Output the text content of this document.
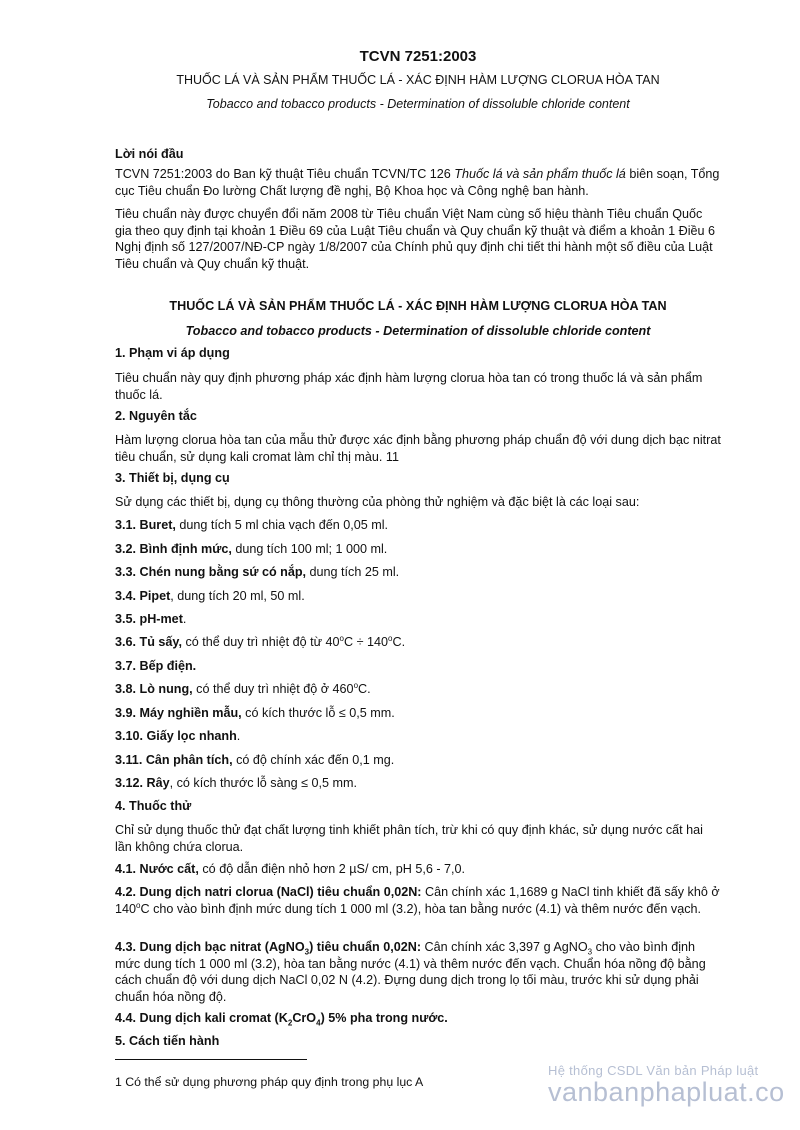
TCVN 7251:2003
THUỐC LÁ VÀ SẢN PHẨM THUỐC LÁ - XÁC ĐỊNH HÀM LƯỢNG CLORUA HÒA TAN
Tobacco and tobacco products - Determination of dissoluble chloride content

Lời nói đầu

TCVN 7251:2003 do Ban kỹ thuật Tiêu chuẩn TCVN/TC 126 Thuốc lá và sản phẩm thuốc lá biên soạn, Tổng cục Tiêu chuẩn Đo lường Chất lượng đề nghị, Bộ Khoa học và Công nghệ ban hành.

Tiêu chuẩn này được chuyển đổi năm 2008 từ Tiêu chuẩn Việt Nam cùng số hiệu thành Tiêu chuẩn Quốc gia theo quy định tại khoản 1 Điều 69 của Luật Tiêu chuẩn và Quy chuẩn kỹ thuật và điểm a khoản 1 Điều 6 Nghị định số 127/2007/NĐ-CP ngày 1/8/2007 của Chính phủ quy định chi tiết thi hành một số điều của Luật Tiêu chuẩn và Quy chuẩn kỹ thuật.

THUỐC LÁ VÀ SẢN PHẨM THUỐC LÁ - XÁC ĐỊNH HÀM LƯỢNG CLORUA HÒA TAN

Tobacco and tobacco products - Determination of dissoluble chloride content

1. Phạm vi áp dụng

Tiêu chuẩn này quy định phương pháp xác định hàm lượng clorua hòa tan có trong thuốc lá và sản phẩm thuốc lá.

2. Nguyên tắc

Hàm lượng clorua hòa tan của mẫu thử được xác định bằng phương pháp chuẩn độ với dung dịch bạc nitrat tiêu chuẩn, sử dụng kali cromat làm chỉ thị màu. 11

3. Thiết bị, dụng cụ

Sử dụng các thiết bị, dụng cụ thông thường của phòng thử nghiệm và đặc biệt là các loại sau:

3.1. Buret, dung tích 5 ml chia vạch đến 0,05 ml.

3.2. Bình định mức, dung tích 100 ml; 1 000 ml.

3.3. Chén nung bằng sứ có nắp, dung tích 25 ml.

3.4. Pipet, dung tích 20 ml, 50 ml.

3.5. pH-met.

3.6. Tủ sấy, có thể duy trì nhiệt độ từ $40^oC \div 140^oC$.

3.7. Bếp điện.

3.8. Lò nung, có thể duy trì nhiệt độ ở 460$^o$C.

3.9. Máy nghiền mẫu, có kích thước lỗ ≤ 0,5 mm.

3.10. Giấy lọc nhanh.

3.11. Cân phân tích, có độ chính xác đến 0,1 mg.

3.12. Rây, có kích thước lỗ sàng ≤ 0,5 mm.

4. Thuốc thử

Chỉ sử dụng thuốc thử đạt chất lượng tinh khiết phân tích, trừ khi có quy định khác, sử dụng nước cất hai lần không chứa clorua.

4.1. Nước cất, có độ dẫn điện nhỏ hơn 2 µS/ cm, pH 5,6 - 7,0.

4.2. Dung dịch natri clorua (NaCl) tiêu chuẩn 0,02N: Cân chính xác 1,1689 g NaCl tinh khiết đã sấy khô ở 140$^o$C cho vào bình định mức dung tích 1 000 ml (3.2), hòa tan bằng nước (4.1) và thêm nước đến vạch.

4.3. Dung dịch bạc nitrat (AgNO$_3$) tiêu chuẩn 0,02N: Cân chính xác 3,397 g AgNO$_3$ cho vào bình định mức dung tích 1 000 ml (3.2), hòa tan bằng nước (4.1) và thêm nước đến vạch. Chuẩn hóa nồng độ bằng cách chuẩn độ với dung dịch NaCl 0,02 N (4.2). Đựng dung dịch trong lọ tối màu, trước khi sử dụng phải chuẩn hóa nồng độ.

4.4. Dung dịch kali cromat $(K_2CrO_4)$ 5% pha trong nước.

5. Cách tiến hành

1 Có thể sử dụng phương pháp quy định trong phụ lục A

Hệ thống CSDL Văn bản Pháp luật
vanbanphapluat.co
